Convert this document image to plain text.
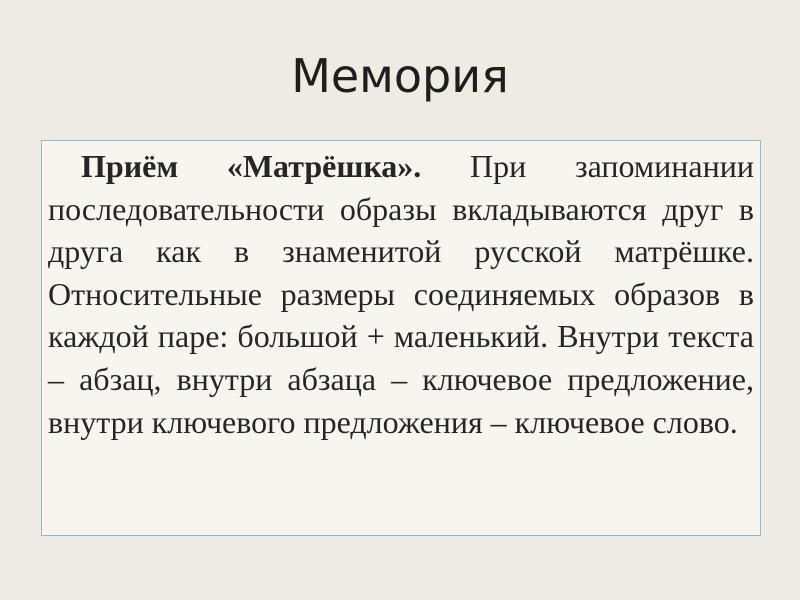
Мемория

Приём «Матрёшка». При запоминании последовательности образы вкладываются друг в друга как в знаменитой русской матрёшке. Относительные размеры соединяемых образов в каждой паре: большой + маленький. Внутри текста – абзац, внутри абзаца – ключевое предложение, внутри ключевого предложения – ключевое слово.
